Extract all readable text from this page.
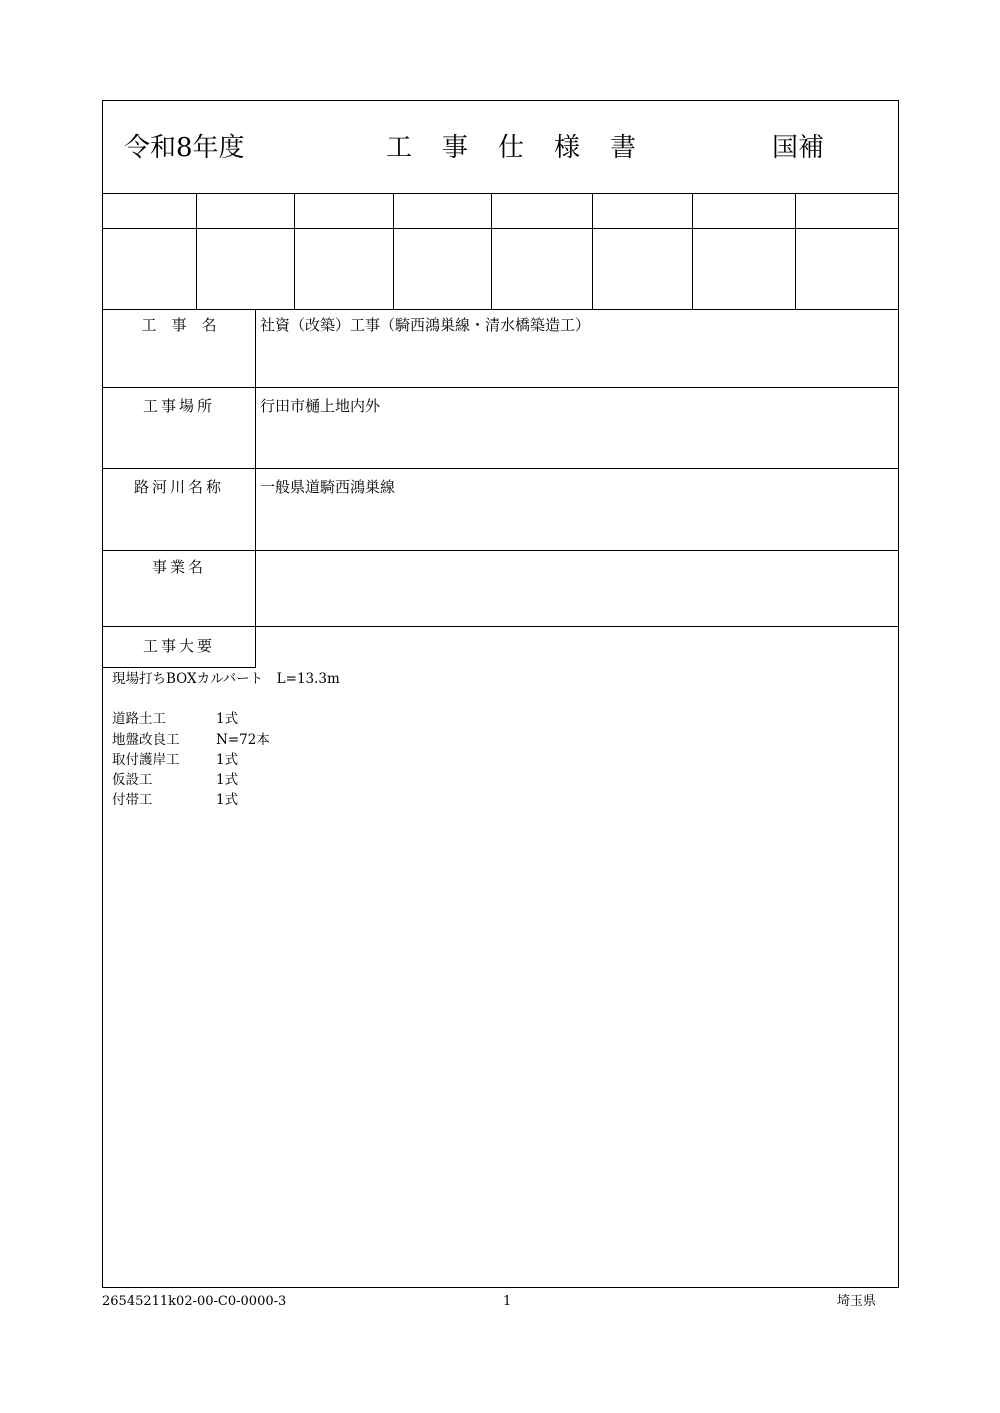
令和8年度	工　事　仕　様　書	国補
工　事　名	社資（改築）工事（騎西鴻巣線・清水橋築造工）
工事場所	行田市樋上地内外
路河川名称	一般県道騎西鴻巣線
事業名
工事大要
現場打ちBOXカルバート　L=13.3m
道路土工	1式
地盤改良工	N=72本
取付護岸工	1式
仮設工	1式
付帯工	1式
26545211k02-00-C0-0000-3	1	埼玉県
